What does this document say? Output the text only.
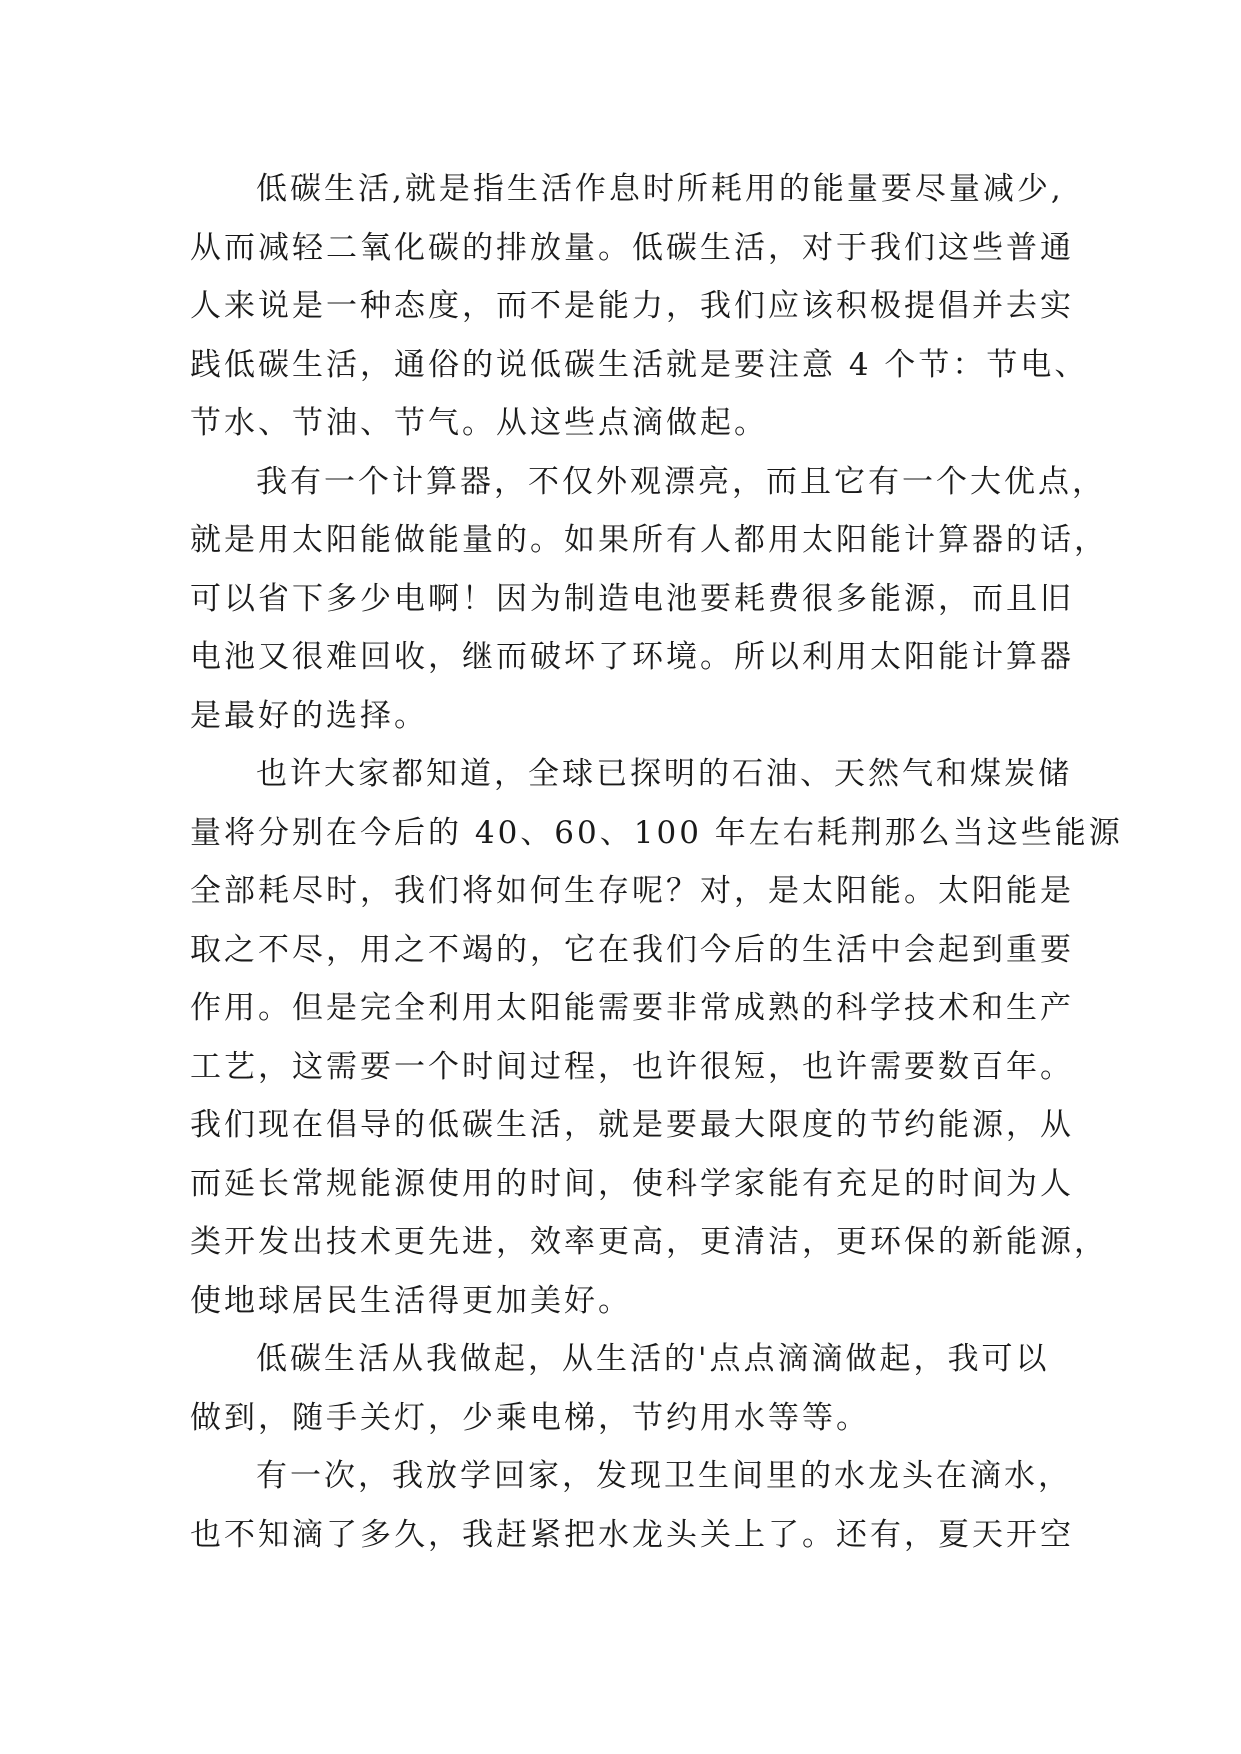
低碳生活,就是指生活作息时所耗用的能量要尽量减少,
从而减轻二氧化碳的排放量。低碳生活，对于我们这些普通
人来说是一种态度，而不是能力，我们应该积极提倡并去实
践低碳生活，通俗的说低碳生活就是要注意 4 个节：节电、
节水、节油、节气。从这些点滴做起。
我有一个计算器，不仅外观漂亮，而且它有一个大优点，
就是用太阳能做能量的。如果所有人都用太阳能计算器的话，
可以省下多少电啊！因为制造电池要耗费很多能源，而且旧
电池又很难回收，继而破坏了环境。所以利用太阳能计算器
是最好的选择。
也许大家都知道，全球已探明的石油、天然气和煤炭储
量将分别在今后的 40、60、100 年左右耗荆那么当这些能源
全部耗尽时，我们将如何生存呢？对，是太阳能。太阳能是
取之不尽，用之不竭的，它在我们今后的生活中会起到重要
作用。但是完全利用太阳能需要非常成熟的科学技术和生产
工艺，这需要一个时间过程，也许很短，也许需要数百年。
我们现在倡导的低碳生活，就是要最大限度的节约能源，从
而延长常规能源使用的时间，使科学家能有充足的时间为人
类开发出技术更先进，效率更高，更清洁，更环保的新能源，
使地球居民生活得更加美好。
低碳生活从我做起，从生活的'点点滴滴做起，我可以
做到，随手关灯，少乘电梯，节约用水等等。
有一次，我放学回家，发现卫生间里的水龙头在滴水，
也不知滴了多久，我赶紧把水龙头关上了。还有，夏天开空
